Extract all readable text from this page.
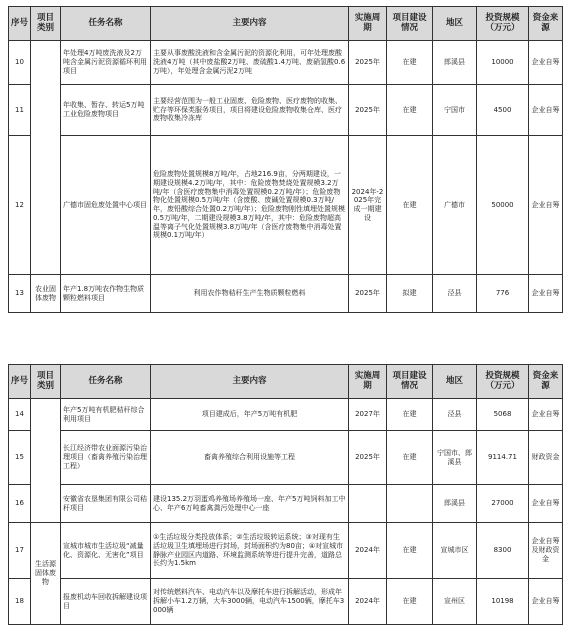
序号	项目类别	任务名称	主要内容	实施周期	项目建设情况	地区	投资规模（万元）	资金来源
10		年处理4万吨废洗液及2万吨含金属污泥资源循环利用项目	主要从事废酸洗液和含金属污泥的资源化利用，可年处理废酸洗液4万吨（其中废盐酸2万吨、废硫酸1.4万吨、废硝氢酸0.6万吨），年处理含金属污泥2万吨	2025年	在建	郎溪县	10000	企业自筹
11		年收集、暂存、转运5万吨工业危险废物项目	主要经营范围为一般工业固废、危险废物、医疗废物的收集、贮存等环保类服务项目，项目将建设危险废物收集仓库、医疗废物收集冷冻库	2025年	在建	宁国市	4500	企业自筹
12		广德市固危废处置中心项目	危险废物处置规模8万吨/年，占地216.9亩，分两期建设，一期建设规模4.2万吨/年，其中：危险废物焚烧处置规模3.2万吨/年（含医疗废物集中消毒处置规模0.2万吨/年）；危险废物物化处置规模0.5万吨/年（含废酸、废碱处置规模0.3万吨/年，废铅酸综合处置0.2万吨/年）；危险废物刚性填埋处置规模0.5万吨/年，二期建设规模3.8万吨/年，其中：危险废物超高温等离子气化处置规模3.8万吨/年（含医疗废物集中消毒处置规模0.1万吨/年）	2024年-2025年完成一期建设	在建	广德市	50000	企业自筹
13	农业固体废物	年产1.8万吨农作物生物质颗粒燃料项目	利用农作物秸秆生产生物质颗粒燃料	2025年	拟建	泾县	776	企业自筹
序号	项目类别	任务名称	主要内容	实施周期	项目建设情况	地区	投资规模（万元）	资金来源
14		年产5万吨有机肥秸秆综合利用项目	项目建成后，年产5万吨有机肥	2027年	在建	泾县	5068	企业自筹
15		长江经济带农业面源污染治理项目（畜禽养殖污染治理工程）	畜禽养殖综合利用设施等工程	2025年	在建	宁国市、郎溪县	9114.71	财政资金
16		安徽省农垦集团有限公司秸秆项目	建设135.2万羽蛋鸡养殖场养殖场一座、年产5万吨饲料加工中心、年产6万吨畜禽粪污处理中心一座			郎溪县	27000	企业自筹
17	生活源固体废物	宣城市城市生活垃圾“减量化、资源化、无害化”项目	①生活垃圾分类投放体系；②生活垃圾转运系统；③对现有生活垃圾卫生填埋场进行封场，封场面积约为80亩；④对宣城市静脉产业园区内道路、环境监测系统等进行提升完善，道路总长约为1.5km	2024年	在建	宣城市区	8300	企业自筹及财政资金
18		报废机动车回收拆解建设项目	对传统燃料汽车、电动汽车以及摩托车进行拆解活动，形成年拆解小车1.2万辆，大车3000辆，电动汽车1500辆，摩托车3000辆	2024年	在建	宣州区	10198	企业自筹
